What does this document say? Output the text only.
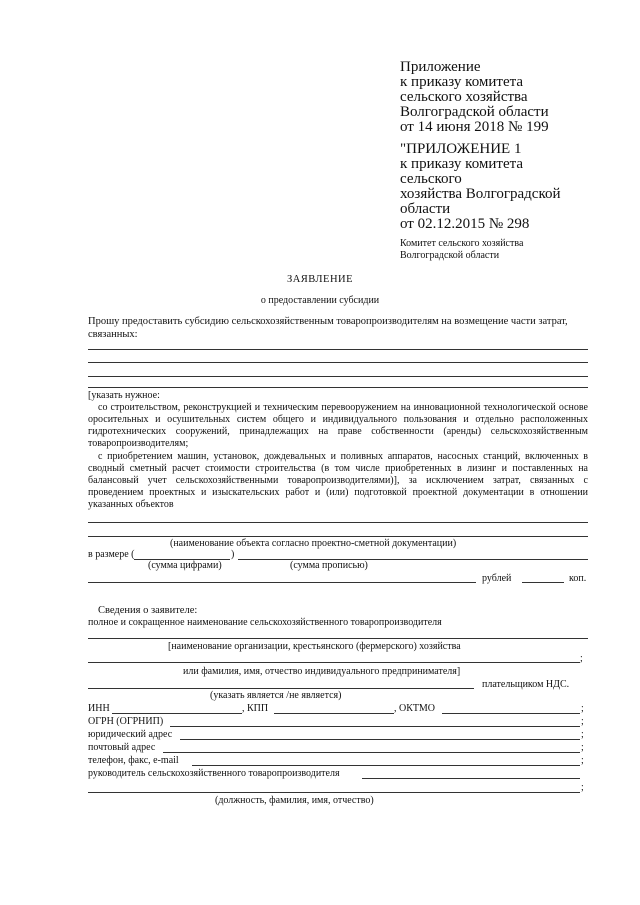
Приложение
к приказу комитета
сельского хозяйства
Волгоградской области
от 14 июня 2018 № 199
"ПРИЛОЖЕНИЕ 1
к приказу комитета
сельского
хозяйства Волгоградской
области
от 02.12.2015 № 298
Комитет сельского хозяйства
Волгоградской области
ЗАЯВЛЕНИЕ
о предоставлении субсидии
Прошу предоставить субсидию сельскохозяйственным товаропроизводителям на возмещение части затрат,
связанных:
[указать нужное:
со строительством, реконструкцией и техническим перевооружением на инновационной технологической основе оросительных и осушительных систем общего и индивидуального пользования и отдельно расположенных гидротехнических сооружений, принадлежащих на праве собственности (аренды) сельскохозяйственным товаропроизводителям;
с приобретением машин, установок, дождевальных и поливных аппаратов, насосных станций, включенных в сводный сметный расчет стоимости строительства (в том числе приобретенных в лизинг и поставленных на балансовый учет сельскохозяйственными товаропроизводителями)], за исключением затрат, связанных с проведением проектных и изыскательских работ и (или) подготовкой проектной документации в отношении указанных объектов
(наименование объекта согласно проектно-сметной документации)
в размере (	)
(сумма цифрами)	(сумма прописью)
рублей	коп.
Сведения о заявителе:
полное и сокращенное наименование сельскохозяйственного товаропроизводителя
[наименование организации, крестьянского (фермерского) хозяйства
;
или фамилия, имя, отчество индивидуального предпринимателя]
плательщиком НДС.
(указать является /не является)
ИНН	, КПП	, ОКТМО	;
ОГРН (ОГРНИП)	;
юридический адрес	;
почтовый адрес	;
телефон, факс, e-mail	;
руководитель сельскохозяйственного товаропроизводителя
;
(должность, фамилия, имя, отчество)
